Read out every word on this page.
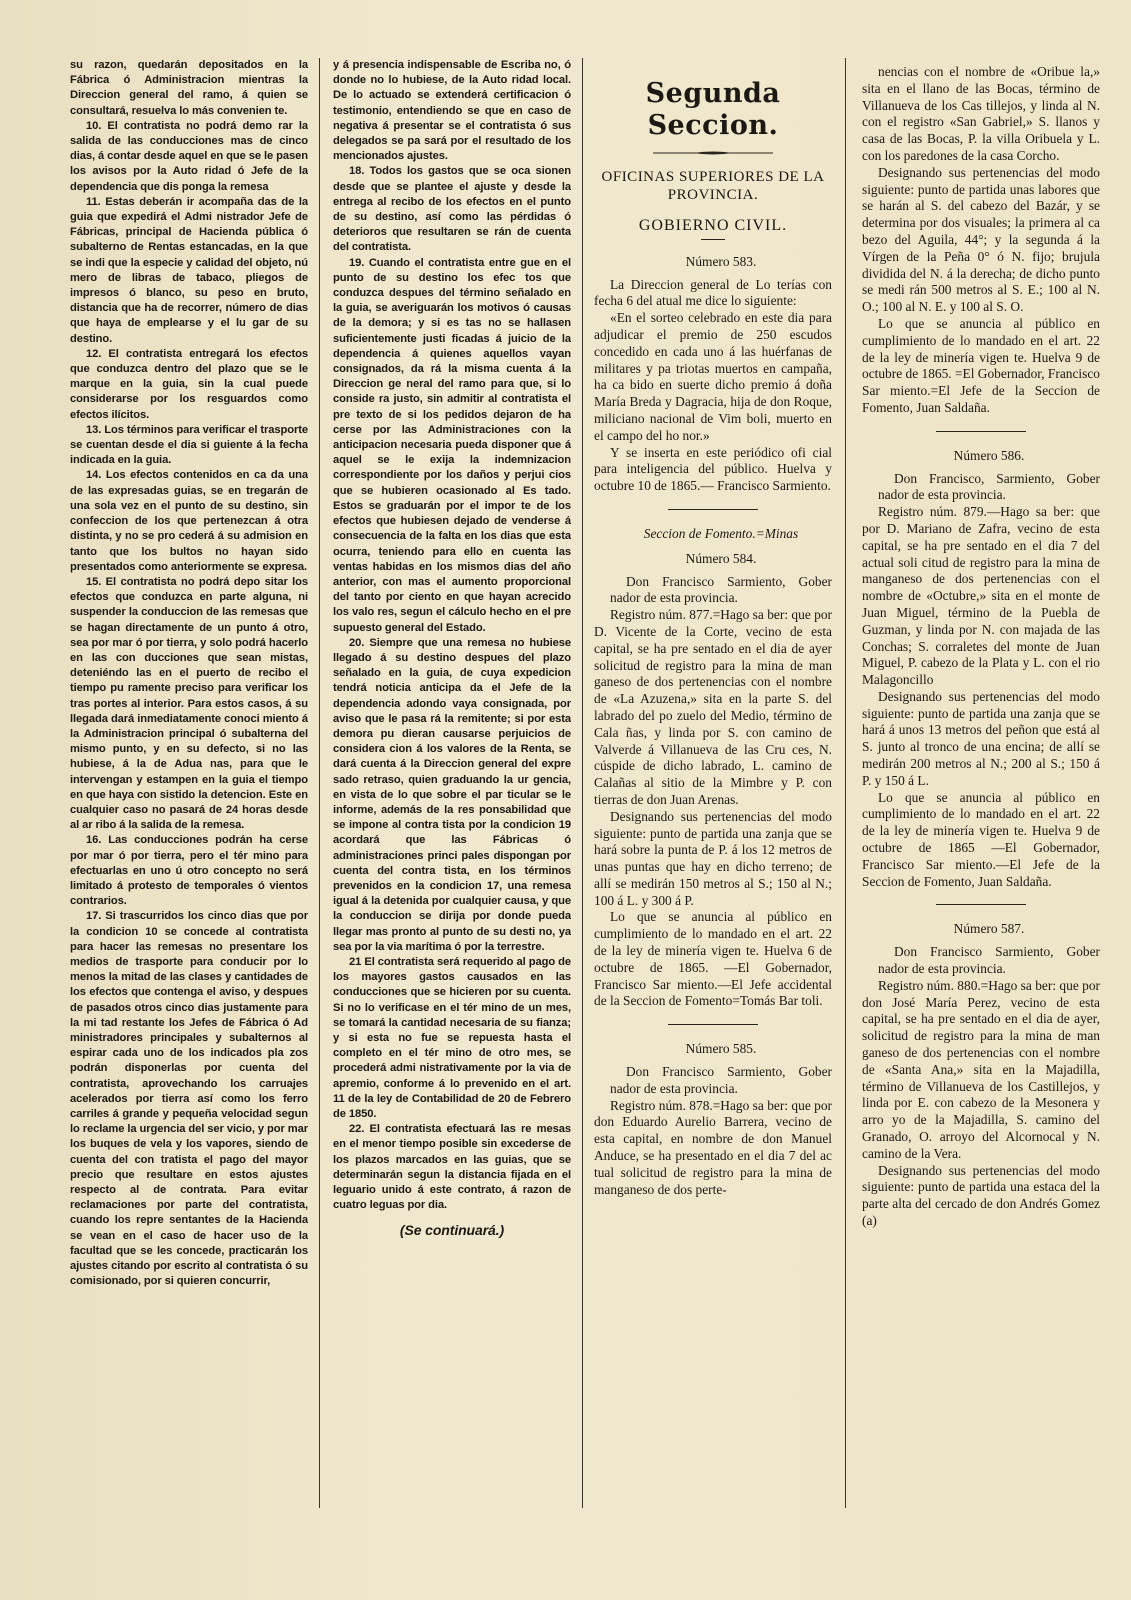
su razon, quedarán depositados en la Fábrica ó Administracion mientras la Direccion general del ramo, á quien se consultará, resuelva lo más convenien te.

10. El contratista no podrá demo rar la salida de las conducciones mas de cinco dias, á contar desde aquel en que se le pasen los avisos por la Auto ridad ó Jefe de la dependencia que dis ponga la remesa

11. Estas deberán ir acompaña das de la guia que expedirá el Admi nistrador Jefe de Fábricas, principal de Hacienda pública ó subalterno de Rentas estancadas, en la que se indi que la especie y calidad del objeto, nú mero de libras de tabaco, pliegos de impresos ó blanco, su peso en bruto, distancia que ha de recorrer, número de dias que haya de emplearse y el lu gar de su destino.

12. El contratista entregará los efectos que conduzca dentro del plazo que se le marque en la guia, sin la cual puede considerarse por los resguardos como efectos ilícitos.

13. Los términos para verificar el trasporte se cuentan desde el dia si guiente á la fecha indicada en la guia.

14. Los efectos contenidos en ca da una de las expresadas guias, se en tregarán de una sola vez en el punto de su destino, sin confeccion de los que pertenezcan á otra distinta, y no se pro cederá á su admision en tanto que los bultos no hayan sido presentados como anteriormente se expresa.

15. El contratista no podrá depo sitar los efectos que conduzca en parte alguna, ni suspender la conduccion de las remesas que se hagan directamente de un punto á otro, sea por mar ó por tierra, y solo podrá hacerlo en las con ducciones que sean mistas, deteniéndo las en el puerto de recibo el tiempo pu ramente preciso para verificar los tras portes al interior. Para estos casos, á su llegada dará inmediatamente conoci miento á la Administracion principal ó subalterna del mismo punto, y en su defecto, si no las hubiese, á la de Adua nas, para que le intervengan y estampen en la guia el tiempo en que haya con sistido la detencion. Este en cualquier caso no pasará de 24 horas desde al ar ribo á la salida de la remesa.

16. Las conducciones podrán ha cerse por mar ó por tierra, pero el tér mino para efectuarlas en uno ú otro concepto no será limitado á protesto de temporales ó vientos contrarios.

17. Si trascurridos los cinco dias que por la condicion 10 se concede al contratista para hacer las remesas no presentare los medios de trasporte para conducir por lo menos la mitad de las clases y cantidades de los efectos que contenga el aviso, y despues de pasados otros cinco dias justamente para la mi tad restante los Jefes de Fábrica ó Ad ministradores principales y subalternos al espirar cada uno de los indicados pla zos podrán disponerlas por cuenta del contratista, aprovechando los carruajes acelerados por tierra así como los ferro carriles á grande y pequeña velocidad segun lo reclame la urgencia del ser vicio, y por mar los buques de vela y los vapores, siendo de cuenta del con tratista el pago del mayor precio que resultare en estos ajustes respecto al de contrata. Para evitar reclamaciones por parte del contratista, cuando los repre sentantes de la Hacienda se vean en el caso de hacer uso de la facultad que se les concede, practicarán los ajustes citando por escrito al contratista ó su comisionado, por si quieren concurrir,

y á presencia indispensable de Escriba no, ó donde no lo hubiese, de la Auto ridad local. De lo actuado se extenderá certificacion ó testimonio, entendiendo se que en caso de negativa á presentar se el contratista ó sus delegados se pa sará por el resultado de los mencionados ajustes.

18. Todos los gastos que se oca sionen desde que se plantee el ajuste y desde la entrega al recibo de los efectos en el punto de su destino, así como las pérdidas ó deterioros que resultaren se rán de cuenta del contratista.

19. Cuando el contratista entre gue en el punto de su destino los efec tos que conduzca despues del término señalado en la guia, se averiguarán los motivos ó causas de la demora; y si es tas no se hallasen suficientemente justi ficadas á juicio de la dependencia á quienes aquellos vayan consignados, da rá la misma cuenta á la Direccion ge neral del ramo para que, si lo conside ra justo, sin admitir al contratista el pre texto de si los pedidos dejaron de ha cerse por las Administraciones con la anticipacion necesaria pueda disponer que á aquel se le exija la indemnizacion correspondiente por los daños y perjui cios que se hubieren ocasionado al Es tado. Estos se graduarán por el impor te de los efectos que hubiesen dejado de venderse á consecuencia de la falta en los dias que esta ocurra, teniendo para ello en cuenta las ventas habidas en los mismos dias del año anterior, con mas el aumento proporcional del tanto por ciento en que hayan acrecido los valo res, segun el cálculo hecho en el pre supuesto general del Estado.

20. Siempre que una remesa no hubiese llegado á su destino despues del plazo señalado en la guia, de cuya expedicion tendrá noticia anticipa da el Jefe de la dependencia adondo vaya consignada, por aviso que le pasa rá la remitente; si por esta demora pu dieran causarse perjuicios de considera cion á los valores de la Renta, se dará cuenta á la Direccion general del expre sado retraso, quien graduando la ur gencia, en vista de lo que sobre el par ticular se le informe, además de la res ponsabilidad que se impone al contra tista por la condicion 19 acordará que las Fábricas ó administraciones princi pales dispongan por cuenta del contra tista, en los términos prevenidos en la condicion 17, una remesa igual á la detenida por cualquier causa, y que la conduccion se dirija por donde pueda llegar mas pronto al punto de su desti no, ya sea por la via marítima ó por la terrestre.

21 El contratista será requerido al pago de los mayores gastos causados en las conducciones que se hicieren por su cuenta. Si no lo verificase en el tér mino de un mes, se tomará la cantidad necesaria de su fianza; y si esta no fue se repuesta hasta el completo en el tér mino de otro mes, se procederá admi nistrativamente por la via de apremio, conforme á lo prevenido en el art. 11 de la ley de Contabilidad de 20 de Febrero de 1850.

22. El contratista efectuará las re mesas en el menor tiempo posible sin excederse de los plazos marcados en las guias, que se determinarán segun la distancia fijada en el leguario unido á este contrato, á razon de cuatro leguas por dia.

(Se continuará.)

Segunda Seccion.
OFICINAS SUPERIORES DE LA PROVINCIA.
GOBIERNO CIVIL.

Número 583.

La Direccion general de Lo terías con fecha 6 del atual me dice lo siguiente:

«En el sorteo celebrado en este dia para adjudicar el premio de 250 escudos concedido en cada uno á las huérfanas de militares y pa triotas muertos en campaña, ha ca bido en suerte dicho premio á doña María Breda y Dagracia, hija de don Roque, miliciano nacional de Vim boli, muerto en el campo del ho nor.»

Y se inserta en este periódico ofi cial para inteligencia del público. Huelva y octubre 10 de 1865.— Francisco Sarmiento.

Seccion de Fomento.=Minas

Número 584.

Don Francisco Sarmiento, Gober nador de esta provincia.

Registro núm. 877.=Hago sa ber: que por D. Vicente de la Corte, vecino de esta capital, se ha pre sentado en el dia de ayer solicitud de registro para la mina de man ganeso de dos pertenencias con el nombre de «La Azuzena,» sita en la parte S. del labrado del po zuelo del Medio, término de Cala ñas, y linda por S. con camino de Valverde á Villanueva de las Cru ces, N. cúspide de dicho labrado, L. camino de Calañas al sitio de la Mimbre y P. con tierras de don Juan Arenas.

Designando sus pertenencias del modo siguiente: punto de partida una zanja que se hará sobre la punta de P. á los 12 metros de unas puntas que hay en dicho terreno; de allí se medirán 150 metros al S.; 150 al N.; 100 á L. y 300 á P.

Lo que se anuncia al público en cumplimiento de lo mandado en el art. 22 de la ley de minería vigen te. Huelva 6 de octubre de 1865. —El Gobernador, Francisco Sar miento.—El Jefe accidental de la Seccion de Fomento=Tomás Bar toli.

Número 585.

Don Francisco Sarmiento, Gober nador de esta provincia.

Registro núm. 878.=Hago sa ber: que por don Eduardo Aurelio Barrera, vecino de esta capital, en nombre de don Manuel Anduce, se ha presentado en el dia 7 del ac tual solicitud de registro para la mina de manganeso de dos perte-

nencias con el nombre de «Oribue la,» sita en el llano de las Bocas, término de Villanueva de los Cas tillejos, y linda al N. con el registro «San Gabriel,» S. llanos y casa de las Bocas, P. la villa Oribuela y L. con los paredones de la casa Corcho.

Designando sus pertenencias del modo siguiente: punto de partida unas labores que se harán al S. del cabezo del Bazár, y se determina por dos visuales; la primera al ca bezo del Aguila, 44°; y la segunda á la Vírgen de la Peña 0° ó N. fijo; brujula dividida del N. á la derecha; de dicho punto se medi rán 500 metros al S. E.; 100 al N. O.; 100 al N. E. y 100 al S. O.

Lo que se anuncia al público en cumplimiento de lo mandado en el art. 22 de la ley de minería vigen te. Huelva 9 de octubre de 1865. =El Gobernador, Francisco Sar miento.=El Jefe de la Seccion de Fomento, Juan Saldaña.

Número 586.

Don Francisco, Sarmiento, Gober nador de esta provincia.

Registro núm. 879.—Hago sa ber: que por D. Mariano de Zafra, vecino de esta capital, se ha pre sentado en el dia 7 del actual soli citud de registro para la mina de manganeso de dos pertenencias con el nombre de «Octubre,» sita en el monte de Juan Miguel, término de la Puebla de Guzman, y linda por N. con majada de las Conchas; S. corraletes del monte de Juan Miguel, P. cabezo de la Plata y L. con el rio Malagoncillo

Designando sus pertenencias del modo siguiente: punto de partida una zanja que se hará á unos 13 metros del peñon que está al S. junto al tronco de una encina; de allí se medirán 200 metros al N.; 200 al S.; 150 á P. y 150 á L.

Lo que se anuncia al público en cumplimiento de lo mandado en el art. 22 de la ley de minería vigen te. Huelva 9 de octubre de 1865 —El Gobernador, Francisco Sar miento.—El Jefe de la Seccion de Fomento, Juan Saldaña.

Número 587.

Don Francisco Sarmiento, Gober nador de esta provincia.

Registro núm. 880.=Hago sa ber: que por don José María Perez, vecino de esta capital, se ha pre sentado en el dia de ayer, solicitud de registro para la mina de man ganeso de dos pertenencias con el nombre de «Santa Ana,» sita en la Majadilla, término de Villanueva de los Castillejos, y linda por E. con cabezo de la Mesonera y arro yo de la Majadilla, S. camino del Granado, O. arroyo del Alcornocal y N. camino de la Vera.

Designando sus pertenencias del modo siguiente: punto de partida una estaca del la parte alta del cercado de don Andrés Gomez (a)
